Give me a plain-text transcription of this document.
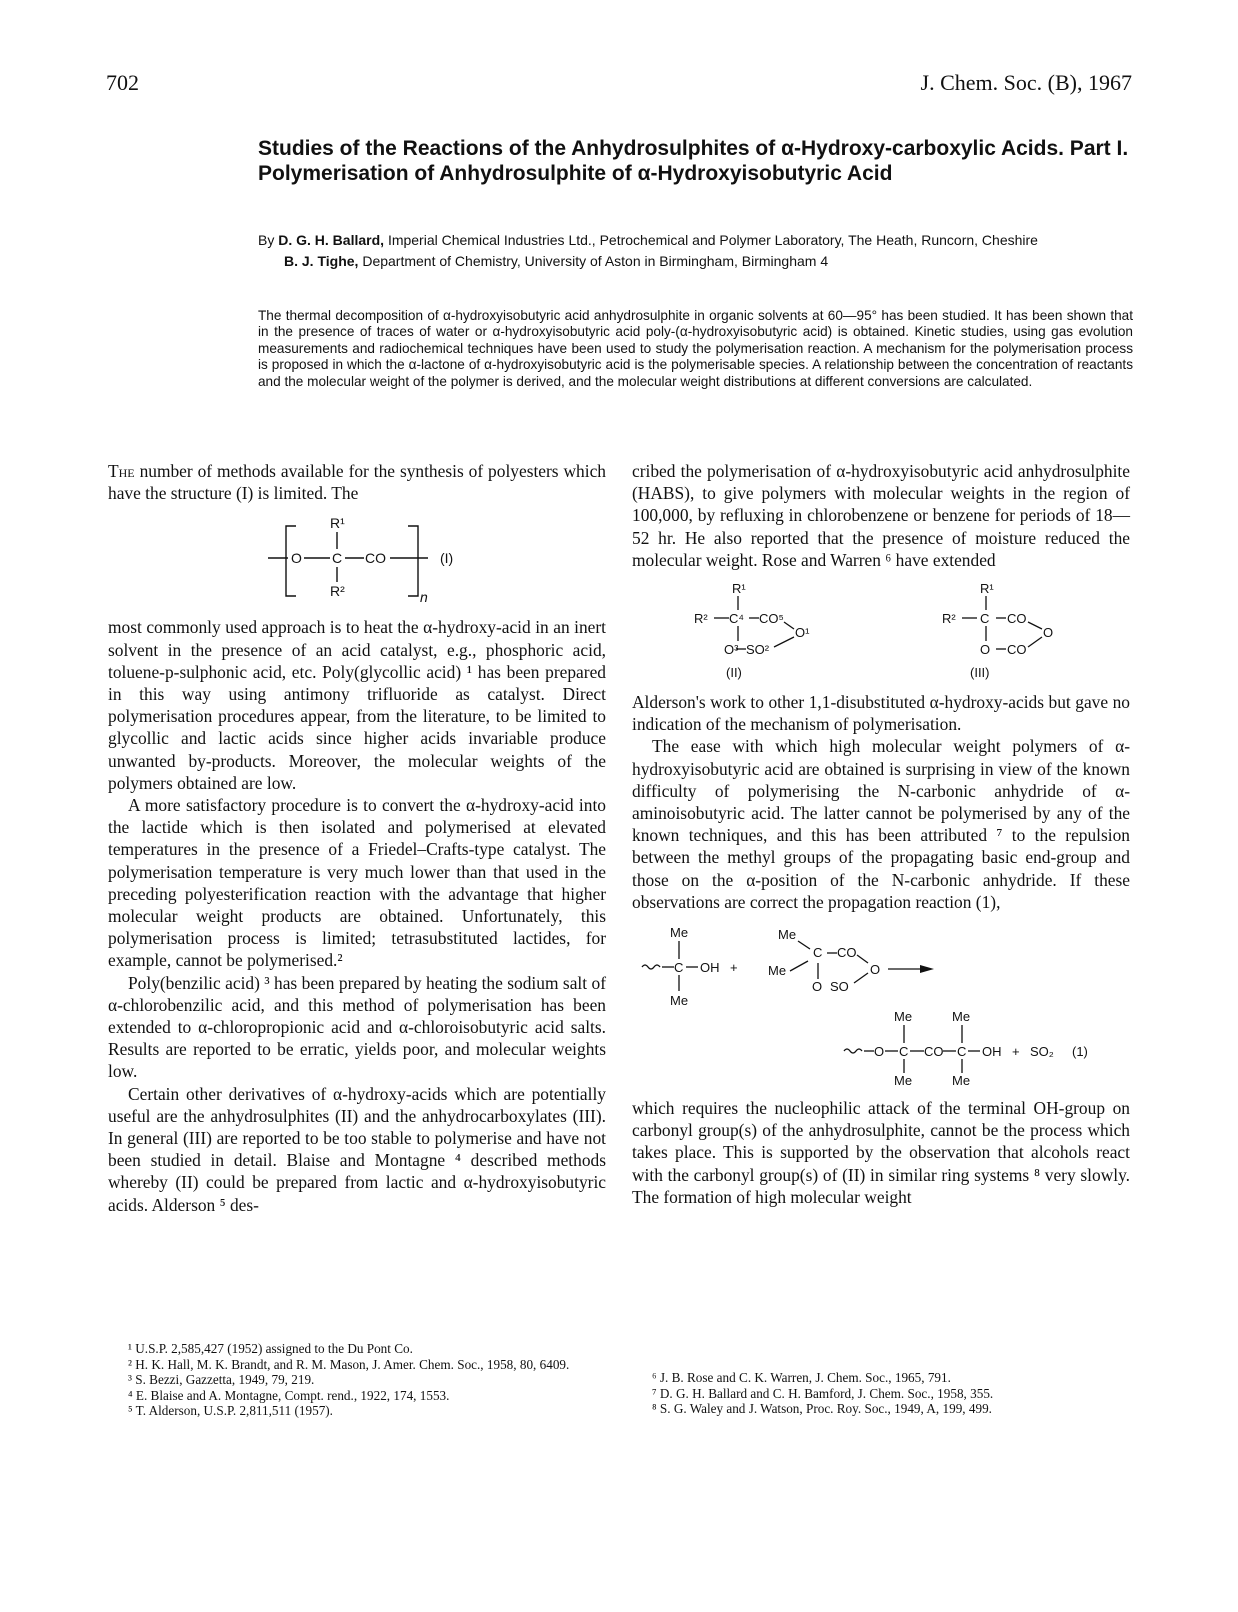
702	J. Chem. Soc. (B), 1967
Studies of the Reactions of the Anhydrosulphites of α-Hydroxy-carboxylic Acids. Part I. Polymerisation of Anhydrosulphite of α-Hydroxyisobutyric Acid
By D. G. H. Ballard, Imperial Chemical Industries Ltd., Petrochemical and Polymer Laboratory, The Heath, Runcorn, Cheshire
B. J. Tighe, Department of Chemistry, University of Aston in Birmingham, Birmingham 4

The thermal decomposition of α-hydroxyisobutyric acid anhydrosulphite in organic solvents at 60—95° has been studied. It has been shown that in the presence of traces of water or α-hydroxyisobutyric acid poly-(α-hydroxyisobutyric acid) is obtained. Kinetic studies, using gas evolution measurements and radiochemical techniques have been used to study the polymerisation reaction. A mechanism for the polymerisation process is proposed in which the α-lactone of α-hydroxyisobutyric acid is the polymerisable species. A relationship between the concentration of reactants and the molecular weight of the polymer is derived, and the molecular weight distributions at different conversions are calculated.

The number of methods available for the synthesis of polyesters which have the structure (I) is limited. The

R¹
O C CO
R²	n
(I)

most commonly used approach is to heat the α-hydroxy-acid in an inert solvent in the presence of an acid catalyst, e.g., phosphoric acid, toluene-p-sulphonic acid, etc. Poly(glycollic acid) ¹ has been prepared in this way using antimony trifluoride as catalyst. Direct polymerisation procedures appear, from the literature, to be limited to glycollic and lactic acids since higher acids invariable produce unwanted by-products. Moreover, the molecular weights of the polymers obtained are low.

A more satisfactory procedure is to convert the α-hydroxy-acid into the lactide which is then isolated and polymerised at elevated temperatures in the presence of a Friedel–Crafts-type catalyst. The polymerisation temperature is very much lower than that used in the preceding polyesterification reaction with the advantage that higher molecular weight products are obtained. Unfortunately, this polymerisation process is limited; tetrasubstituted lactides, for example, cannot be polymerised.²

Poly(benzilic acid) ³ has been prepared by heating the sodium salt of α-chlorobenzilic acid, and this method of polymerisation has been extended to α-chloropropionic acid and α-chloroisobutyric acid salts. Results are reported to be erratic, yields poor, and molecular weights low.

Certain other derivatives of α-hydroxy-acids which are potentially useful are the anhydrosulphites (II) and the anhydrocarboxylates (III). In general (III) are reported to be too stable to polymerise and have not been studied in detail. Blaise and Montagne ⁴ described methods whereby (II) could be prepared from lactic and α-hydroxyisobutyric acids. Alderson ⁵ des-

cribed the polymerisation of α-hydroxyisobutyric acid anhydrosulphite (HABS), to give polymers with molecular weights in the region of 100,000, by refluxing in chlorobenzene or benzene for periods of 18—52 hr. He also reported that the presence of moisture reduced the molecular weight. Rose and Warren ⁶ have extended

R¹
R² C⁴ CO⁵
O¹
O³ SO²
(II)
R¹
R² C CO
O
O CO
(III)

Alderson's work to other 1,1-disubstituted α-hydroxy-acids but gave no indication of the mechanism of polymerisation.

The ease with which high molecular weight polymers of α-hydroxyisobutyric acid are obtained is surprising in view of the known difficulty of polymerising the N-carbonic anhydride of α-aminoisobutyric acid. The latter cannot be polymerised by any of the known techniques, and this has been attributed ⁷ to the repulsion between the methyl groups of the propagating basic end-group and those on the α-position of the N-carbonic anhydride. If these observations are correct the propagation reaction (1),

Me
C OH
Me
+
Me
Me
C CO
O
O SO
Me	Me
O C CO C OH + SO₂ (1)
Me	Me

which requires the nucleophilic attack of the terminal OH-group on carbonyl group(s) of the anhydrosulphite, cannot be the process which takes place. This is supported by the observation that alcohols react with the carbonyl group(s) of (II) in similar ring systems ⁸ very slowly. The formation of high molecular weight

¹ U.S.P. 2,585,427 (1952) assigned to the Du Pont Co.
² H. K. Hall, M. K. Brandt, and R. M. Mason, J. Amer. Chem. Soc., 1958, 80, 6409.
³ S. Bezzi, Gazzetta, 1949, 79, 219.
⁴ E. Blaise and A. Montagne, Compt. rend., 1922, 174, 1553.
⁵ T. Alderson, U.S.P. 2,811,511 (1957).
⁶ J. B. Rose and C. K. Warren, J. Chem. Soc., 1965, 791.
⁷ D. G. H. Ballard and C. H. Bamford, J. Chem. Soc., 1958, 355.
⁸ S. G. Waley and J. Watson, Proc. Roy. Soc., 1949, A, 199, 499.
